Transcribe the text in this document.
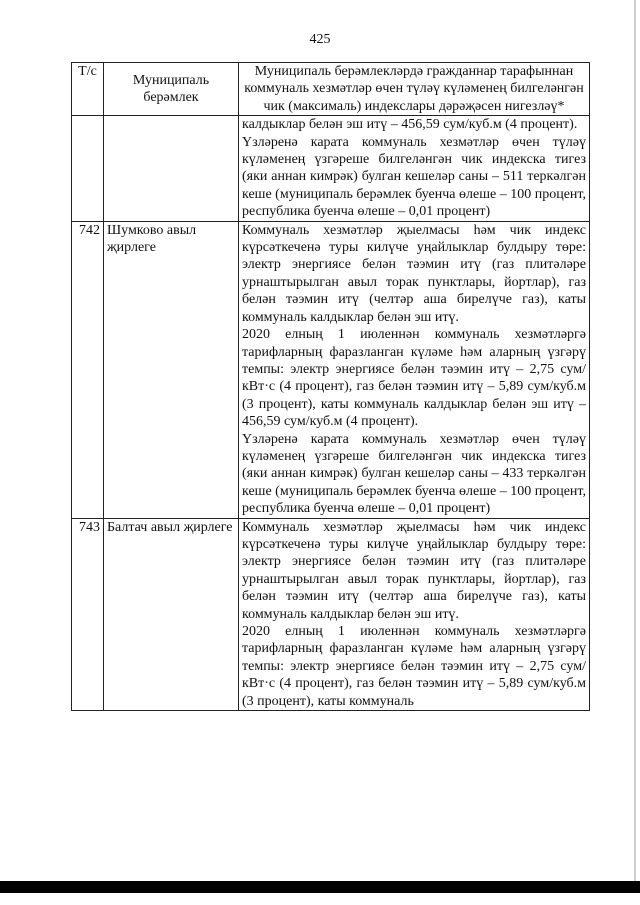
425
Т/с	Муниципаль берәмлек	Муниципаль берәмлекләрдә гражданнар тарафыннан коммуналь хезмәтләр өчен түләү күләменең билгеләнгән чик (максималь) индекслары дәрәҗәсен нигезләү*

		калдыклар белән эш итү – 456,59 сум/куб.м (4 процент).
Үзләренә карата коммуналь хезмәтләр өчен түләү күләменең үзгәреше билгеләнгән чик индекска тигез (яки аннан кимрәк) булган кешеләр саны – 511 теркәлгән кеше (муниципаль берәмлек буенча өлеше – 100 процент, республика буенча өлеше – 0,01 процент)

742	Шумково авыл җирлеге	Коммуналь хезмәтләр җыелмасы һәм чик индекс күрсәткеченә туры килүче уңайлыклар булдыру төре: электр энергиясе белән тәэмин итү (газ плитәләре урнаштырылган авыл торак пунктлары, йортлар), газ белән тәэмин итү (челтәр аша бирелүче газ), каты коммуналь калдыклар белән эш итү.
2020 елның 1 июленнән коммуналь хезмәтләргә тарифларның фаразланган күләме һәм аларның үзгәрү темпы: электр энергиясе белән тәэмин итү – 2,75 сум/кВт·с (4 процент), газ белән тәэмин итү – 5,89 сум/куб.м (3 процент), каты коммуналь калдыклар белән эш итү – 456,59 сум/куб.м (4 процент).
Үзләренә карата коммуналь хезмәтләр өчен түләү күләменең үзгәреше билгеләнгән чик индекска тигез (яки аннан кимрәк) булган кешеләр саны – 433 теркәлгән кеше (муниципаль берәмлек буенча өлеше – 100 процент, республика буенча өлеше – 0,01 процент)

743	Балтач авыл җирлеге	Коммуналь хезмәтләр җыелмасы һәм чик индекс күрсәткеченә туры килүче уңайлыклар булдыру төре: электр энергиясе белән тәэмин итү (газ плитәләре урнаштырылган авыл торак пунктлары, йортлар), газ белән тәэмин итү (челтәр аша бирелүче газ), каты коммуналь калдыклар белән эш итү.
2020 елның 1 июленнән коммуналь хезмәтләргә тарифларның фаразланган күләме һәм аларның үзгәрү темпы: электр энергиясе белән тәэмин итү – 2,75 сум/кВт·с (4 процент), газ белән тәэмин итү – 5,89 сум/куб.м (3 процент), каты коммуналь
